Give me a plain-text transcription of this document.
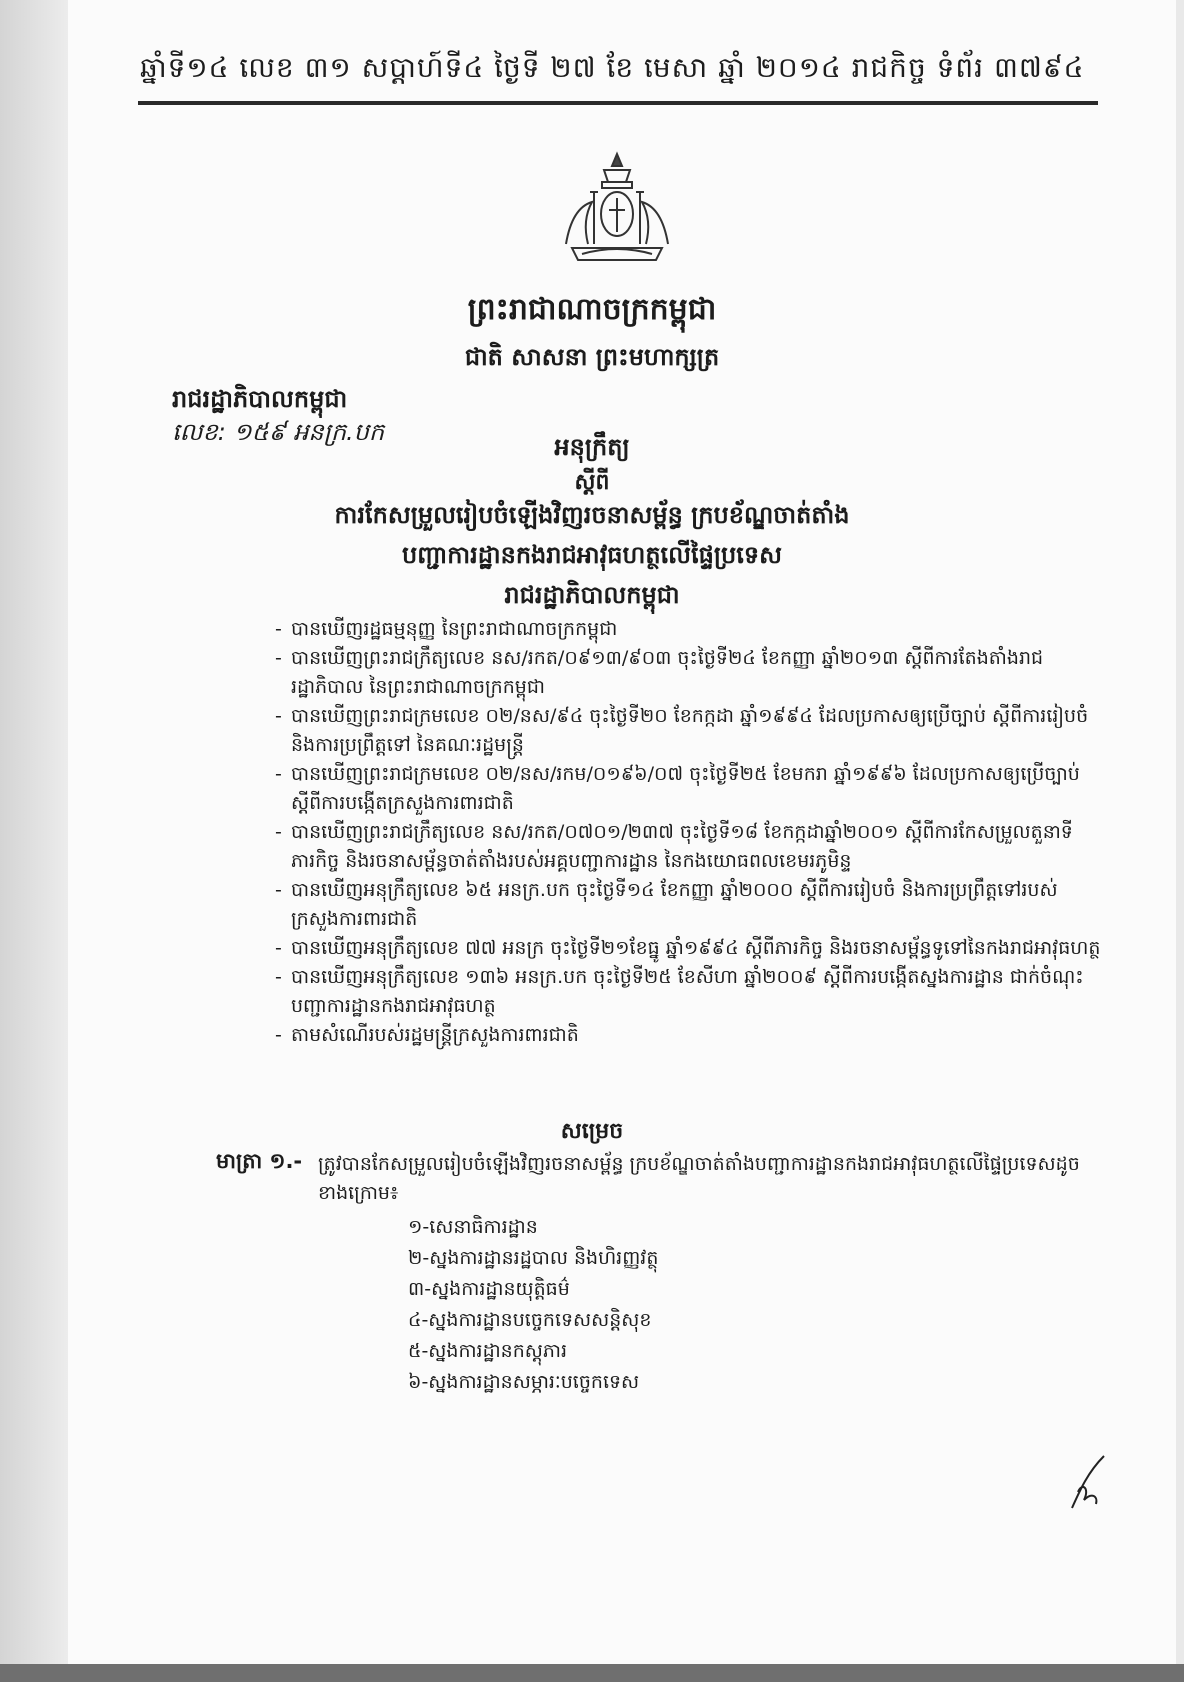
ឆ្នាំទី១៤ លេខ ៣១ សប្តាហ៍ទី៤ ថ្ងៃទី ២៧ ខែ មេសា ឆ្នាំ ២០១៤ រាជកិច្ច ទំព័រ ៣៧៩៤
ព្រះរាជាណាចក្រកម្ពុជា
ជាតិ សាសនា ព្រះមហាក្សត្រ
រាជរដ្ឋាភិបាលកម្ពុជា
លេខ: ១៥៩ អនក្រ.បក
អនុក្រឹត្យ
ស្តីពី
ការកែសម្រួលរៀបចំឡើងវិញរចនាសម្ព័ន្ធ ក្របខ័ណ្ឌចាត់តាំង
បញ្ជាការដ្ឋានកងរាជអាវុធហត្ថលើផ្ទៃប្រទេស
រាជរដ្ឋាភិបាលកម្ពុជា

- បានឃើញរដ្ឋធម្មនុញ្ញ នៃព្រះរាជាណាចក្រកម្ពុជា

- បានឃើញព្រះរាជក្រឹត្យលេខ នស/រកត/០៩១៣/៩០៣ ចុះថ្ងៃទី២៤ ខែកញ្ញា ឆ្នាំ២០១៣ ស្តីពីការតែងតាំងរាជរដ្ឋាភិបាល នៃព្រះរាជាណាចក្រកម្ពុជា

- បានឃើញព្រះរាជក្រមលេខ ០២/នស/៩៤ ចុះថ្ងៃទី២០ ខែកក្កដា ឆ្នាំ១៩៩៤ ដែលប្រកាសឲ្យប្រើច្បាប់ ស្តីពីការរៀបចំ និងការប្រព្រឹត្តទៅ នៃគណៈរដ្ឋមន្ត្រី

- បានឃើញព្រះរាជក្រមលេខ ០២/នស/រកម/០១៩៦/០៧ ចុះថ្ងៃទី២៥ ខែមករា ឆ្នាំ១៩៩៦ ដែលប្រកាសឲ្យប្រើច្បាប់ ស្តីពីការបង្កើតក្រសួងការពារជាតិ

- បានឃើញព្រះរាជក្រឹត្យលេខ នស/រកត/០៧០១/២៣៧ ចុះថ្ងៃទី១៨ ខែកក្កដាឆ្នាំ២០០១ ស្តីពីការកែសម្រួលតួនាទី ភារកិច្ច និងរចនាសម្ព័ន្ធចាត់តាំងរបស់អគ្គបញ្ជាការដ្ឋាន នៃកងយោធពលខេមរភូមិន្ទ

- បានឃើញអនុក្រឹត្យលេខ ៦៥ អនក្រ.បក ចុះថ្ងៃទី១៤ ខែកញ្ញា ឆ្នាំ២០០០ ស្តីពីការរៀបចំ និងការប្រព្រឹត្តទៅរបស់ក្រសួងការពារជាតិ

- បានឃើញអនុក្រឹត្យលេខ ៧៧ អនក្រ ចុះថ្ងៃទី២១ខែធ្នូ ឆ្នាំ១៩៩៤ ស្តីពីភារកិច្ច និងរចនាសម្ព័ន្ធទូទៅនៃកងរាជអាវុធហត្ថ

- បានឃើញអនុក្រឹត្យលេខ ១៣៦ អនក្រ.បក ចុះថ្ងៃទី២៥ ខែសីហា ឆ្នាំ២០០៩ ស្តីពីការបង្កើតស្នងការដ្ឋាន ជាក់ចំណុះបញ្ជាការដ្ឋានកងរាជអាវុធហត្ថ

- តាមសំណើរបស់រដ្ឋមន្ត្រីក្រសួងការពារជាតិ

សម្រេច
មាត្រា ១.- ត្រូវបានកែសម្រួលរៀបចំឡើងវិញរចនាសម្ព័ន្ធ ក្របខ័ណ្ឌចាត់តាំងបញ្ជាការដ្ឋានកងរាជអាវុធហត្ថលើផ្ទៃប្រទេសដូចខាងក្រោម៖
១-សេនាធិការដ្ឋាន
២-ស្នងការដ្ឋានរដ្ឋបាល និងហិរញ្ញវត្ថុ
៣-ស្នងការដ្ឋានយុត្តិធម៌
៤-ស្នងការដ្ឋានបច្ចេកទេសសន្តិសុខ
៥-ស្នងការដ្ឋានកស្តុភារ
៦-ស្នងការដ្ឋានសម្ភារៈបច្ចេកទេស
